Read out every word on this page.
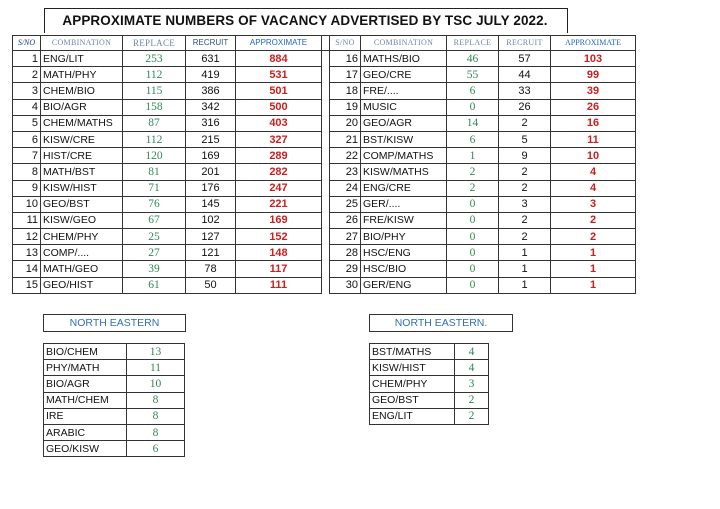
APPROXIMATE NUMBERS OF VACANCY ADVERTISED BY TSC JULY 2022.
S/NO	COMBINATION	REPLACE	RECRUIT	APPROXIMATE		S/NO	COMBINATION	REPLACE	RECRUIT	APPROXIMATE
1	ENG/LIT	253	631	884		16	MATHS/BIO	46	57	103
2	MATH/PHY	112	419	531		17	GEO/CRE	55	44	99
3	CHEM/BIO	115	386	501		18	FRE/....	6	33	39
4	BIO/AGR	158	342	500		19	MUSIC	0	26	26
5	CHEM/MATHS	87	316	403		20	GEO/AGR	14	2	16
6	KISW/CRE	112	215	327		21	BST/KISW	6	5	11
7	HIST/CRE	120	169	289		22	COMP/MATHS	1	9	10
8	MATH/BST	81	201	282		23	KISW/MATHS	2	2	4
9	KISW/HIST	71	176	247		24	ENG/CRE	2	2	4
10	GEO/BST	76	145	221		25	GER/....	0	3	3
11	KISW/GEO	67	102	169		26	FRE/KISW	0	2	2
12	CHEM/PHY	25	127	152		27	BIO/PHY	0	2	2
13	COMP/....	27	121	148		28	HSC/ENG	0	1	1
14	MATH/GEO	39	78	117		29	HSC/BIO	0	1	1
15	GEO/HIST	61	50	111		30	GER/ENG	0	1	1
NORTH EASTERN
BIO/CHEM	13
PHY/MATH	11
BIO/AGR	10
MATH/CHEM	8
IRE	8
ARABIC	8
GEO/KISW	6
NORTH EASTERN.
BST/MATHS	4
KISW/HIST	4
CHEM/PHY	3
GEO/BST	2
ENG/LIT	2
